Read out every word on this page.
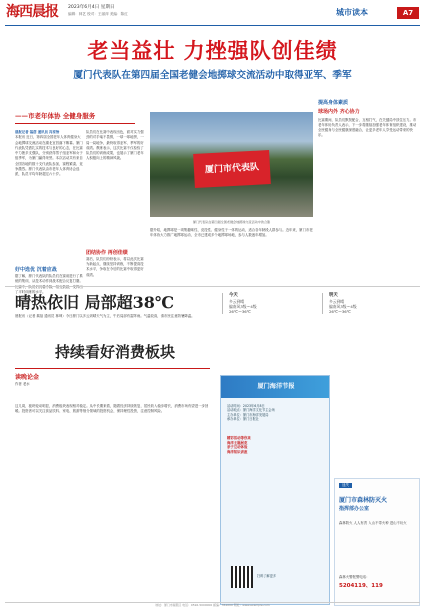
海西晨报 2023年6月4日 星期日
编辑：林艺 校对：王丽萍 美编：陈红	城市读本	A7
老当益壮 力挫强队创佳绩
厦门代表队在第四届全国老健会地掷球交流活动中取得亚军、季军
——市老年体协 全健身服务
晨报记者 翁蓓 通讯员 冯家怡
本报讯 近日，第四届全国老年人体育健身大会地掷球交流活动在湖北宜昌落下帷幕。厦门代表队凭借扎实的技术与良好的心态，在比赛中力挫多支强队，分别获得男子组亚军和女子组季军，为厦门赢得荣誉。本次活动共有来自全国各地的数十支代表队参加，赛程紧凑、竞争激烈。厦门代表队由市老年人体育协会选派，队员平均年龄超过六十岁。
好中选优 沉着应战
据了解，厦门代表队的队员们在赛前进行了系统的集训，从技术动作到战术配合反复打磨。 了平时训练的水平。
队员们在比赛中表现出色，面对实力强劲的对手毫不畏惧，一球一球地拼，一局一局地争，最终取得亚军、季军的好成绩。教练表示，这次比赛不仅检验了队员们的训练成果，也展示了厦门老年人积极向上的精神风貌。
团结协作 再创佳绩
赛后，队员们纷纷表示，将以此次比赛为新起点，继续坚持训练，不断提高技术水平，争取在今后的比赛中取得更好成绩。
厦门市代表队
厦门代表队在第四届全国老健会地掷球交流活动中的合影
据介绍，地掷球是一项集趣味性、竞技性、健身性于一体的运动，适合各年龄段人群参与。近年来，厦门市老年体协大力推广地掷球运动，全市已建成多个地掷球场地，参与人数逐年增加。
提高身体素质
球场内外 齐心协力
比赛期间，队员们默契配合，互相打气，在关键局中顶住压力。市老年体协负责人表示，下一步将继续加强老年体育组织建设，推动全民健身与全民健康深度融合，让更多老年人享受运动带来的快乐。
晴热依旧 局部超38℃
晨报讯（记者 翁蓓 通讯员 林坤）今日厦门以多云到晴天气为主，午后局部有雷阵雨。气温较高，请市民注意防暑降温。
今天
多云到晴
偏南风3级～4级
26℃～36℃
明天
多云到晴
偏南风3级～4级
26℃～36℃
持续看好消费板块
读晚论金
作者 老水
这几周，板块轮动明显，消费板块表现相对稳定。从中长期来看，随着经济持续恢复，居民收入稳步增长，消费市场有望进一步回暖。投资者可以关注食品饮料、家电、旅游等细分领域的投资机会，保持理性投资，注意控制风险。
厦门海洋节报
活动时间：2023年6月8日
活动地点：厦门海洋文化节主会场
主办单位：厦门市海洋发展局
承办单位：厦门日报社
精彩活动等你来
海洋主题展览
亲子互动体验
海洋知识讲座
扫码了解更多
迷失
厦门市森林防灭火
指挥部办公室
森林防火 人人有责 入山不带火种 进山不玩火
森林火警报警电话：
5204119、119
地址：厦门市湖里区 电话：0592-5000000 邮编：361000 网址：www.example.com
